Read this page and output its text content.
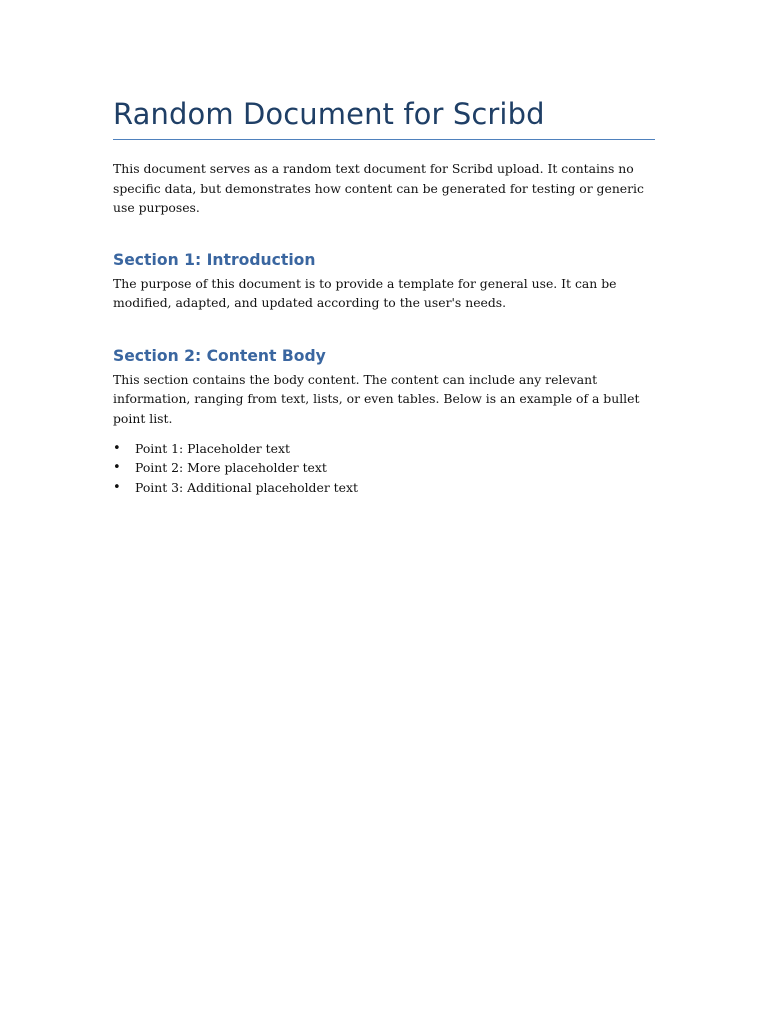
Random Document for Scribd

This document serves as a random text document for Scribd upload. It contains no specific data, but demonstrates how content can be generated for testing or generic use purposes.

Section 1: Introduction

The purpose of this document is to provide a template for general use. It can be modified, adapted, and updated according to the user's needs.

Section 2: Content Body

This section contains the body content. The content can include any relevant information, ranging from text, lists, or even tables. Below is an example of a bullet point list.

• Point 1: Placeholder text
• Point 2: More placeholder text
• Point 3: Additional placeholder text
